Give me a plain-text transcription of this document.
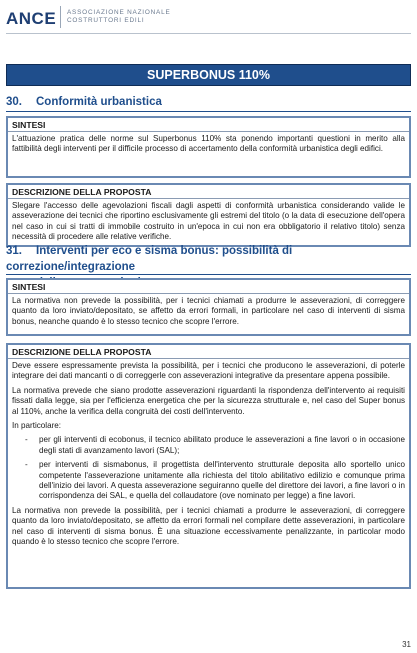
ANCE ASSOCIAZIONE NAZIONALE
COSTRUTTORI EDILI
SUPERBONUS 110%
30. Conformità urbanistica
SINTESI

L'attuazione pratica delle norme sul Superbonus 110% sta ponendo importanti questioni in merito alla fattibilità degli interventi per il difficile processo di accertamento della conformità urbanistica degli edifici.

DESCRIZIONE DELLA PROPOSTA

Slegare l'accesso delle agevolazioni fiscali dagli aspetti di conformità urbanistica considerando valide le asseverazione dei tecnici che riportino esclusivamente gli estremi del titolo (o la data di esecuzione dell'opera nel caso in cui si tratti di immobile costruito in un'epoca in cui non era obbligatorio il relativo titolo) senza necessità di procedere alle relative verifiche.

31. Interventi per eco e sisma bonus: possibilità di correzione/integrazione

SINTESI

La normativa non prevede la possibilità, per i tecnici chiamati a produrre le asseverazioni, di correggere quanto da loro inviato/depositato, se affetto da errori formali, in particolare nel caso di interventi di sisma bonus, neanche quando è lo stesso tecnico che scopre l'errore.

DESCRIZIONE DELLA PROPOSTA

Deve essere espressamente prevista la possibilità, per i tecnici che producono le asseverazioni, di poterle integrare dei dati mancanti o di correggerle con asseverazioni integrative da presentare appena possibile.

La normativa prevede che siano prodotte asseverazioni riguardanti la rispondenza dell'intervento ai requisiti fissati dalla legge, sia per l'efficienza energetica che per la sicurezza strutturale e, nel caso del Super bonus al 110%, anche la verifica della congruità dei costi dell'intervento.

In particolare:

- per gli interventi di ecobonus, il tecnico abilitato produce le asseverazioni a fine lavori o in occasione degli stati di avanzamento lavori (SAL);
- per interventi di sismabonus, il progettista dell'intervento strutturale deposita allo sportello unico competente l'asseverazione unitamente alla richiesta del titolo abilitativo edilizio e comunque prima dell'inizio dei lavori. A questa asseverazione seguiranno quelle del direttore dei lavori, a fine lavori o in corrispondenza dei SAL, e quella del collaudatore (ove nominato per legge) a fine lavori.

La normativa non prevede la possibilità, per i tecnici chiamati a produrre le asseverazioni, di correggere quanto da loro inviato/depositato, se affetto da errori formali nel compilare dette asseverazioni, in particolare nel caso di interventi di sisma bonus. È una situazione eccessivamente penalizzante, in particolar modo quando è lo stesso tecnico che scopre l'errore.

31
